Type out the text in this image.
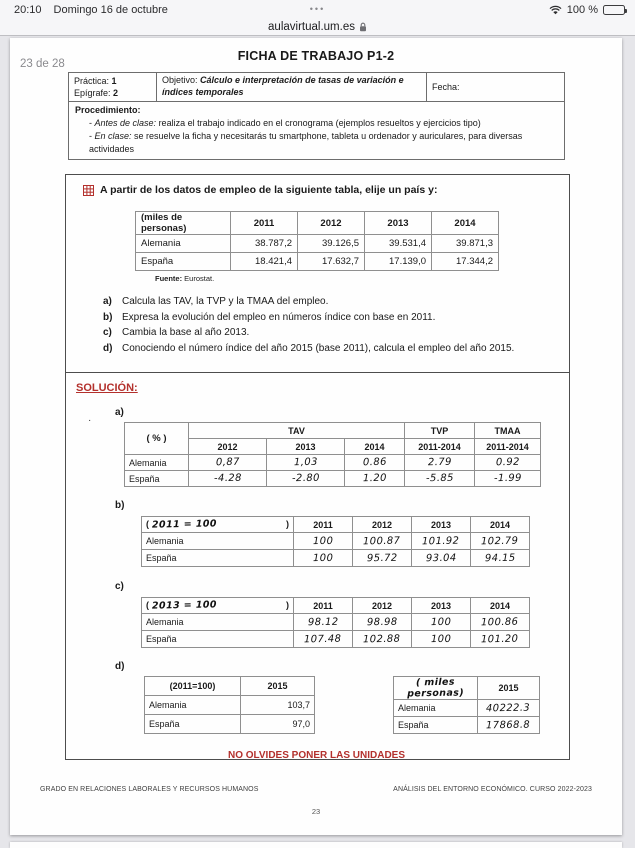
20:10 Domingo 16 de octubre	100 %
•••
aulavirtual.um.es
23 de 28
FICHA DE TRABAJO P1-2
Práctica: 1
Epígrafe: 2	Objetivo: Cálculo e interpretación de tasas de variación e índices temporales	Fecha:
Procedimiento:
- Antes de clase: realiza el trabajo indicado en el cronograma (ejemplos resueltos y ejercicios tipo)
- En clase: se resuelve la ficha y necesitarás tu smartphone, tableta u ordenador y auriculares, para diversas actividades
A partir de los datos de empleo de la siguiente tabla, elije un país y:
(miles de personas)	2011	2012	2013	2014
Alemania	38.787,2	39.126,5	39.531,4	39.871,3
España	18.421,4	17.632,7	17.139,0	17.344,2
Fuente: Eurostat.
a)	Calcula las TAV, la TVP y la TMAA del empleo.
b) Expresa la evolución del empleo en números índice con base en 2011.
c)	Cambia la base al año 2013.
d) Conociendo el número índice del año 2015 (base 2011), calcula el empleo del año 2015.
SOLUCIÓN:
·
a)
( % )	TAV			TVP	TMAA
	2012	2013	2014	2011-2014	2011-2014
Alemania	0,87	1,03	0.86	2.79	0.92
España	-4.28	-2.80	1.20	-5.85	-1.99
b)
( 2011 = 100 )	2011	2012	2013	2014
Alemania	100	100.87	101.92	102.79
España	100	95.72	93.04	94.15
c)
( 2013 = 100 )	2011	2012	2013	2014
Alemania	98.12	98.98	100	100.86
España	107.48	102.88	100	101.20
d)
(2011=100)	2015
Alemania	103,7
España	97,0
( miles personas)	2015
Alemania	40222.3
España	17868.8
NO OLVIDES PONER LAS UNIDADES
GRADO EN RELACIONES LABORALES Y RECURSOS HUMANOS	ANÁLISIS DEL ENTORNO ECONÓMICO. CURSO 2022-2023
23
